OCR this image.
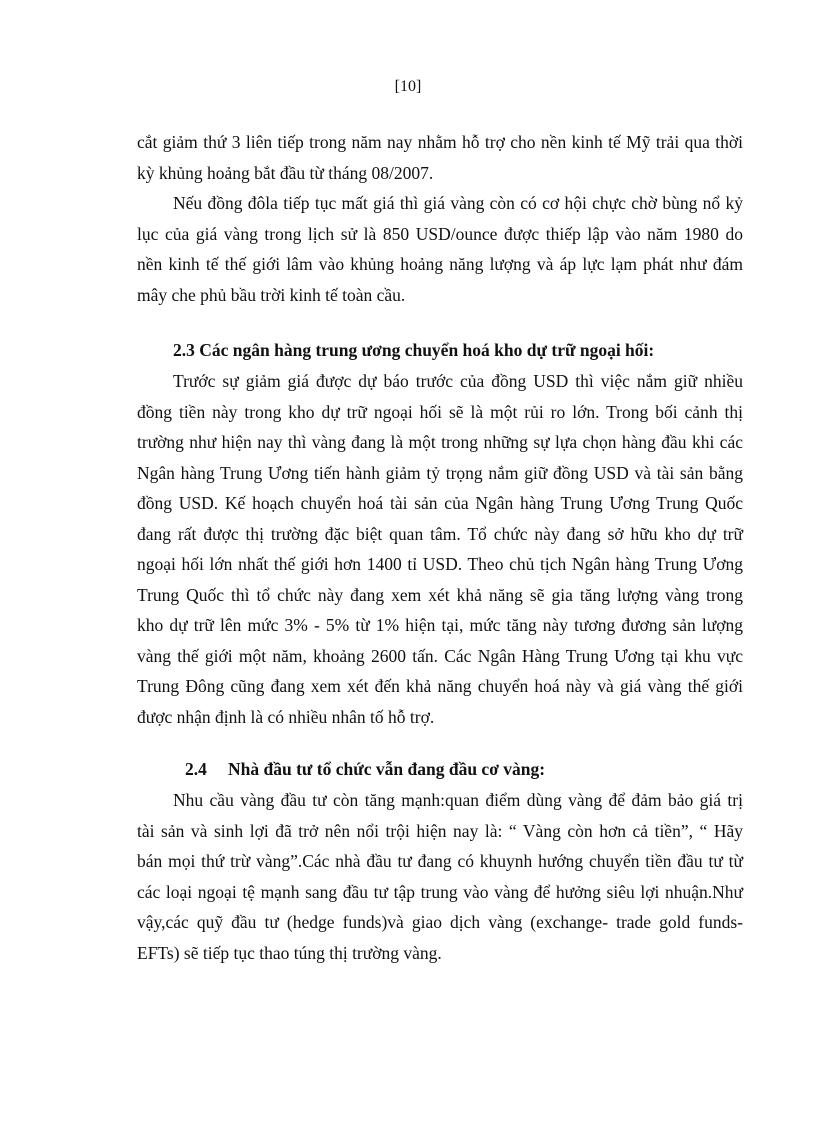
[10]
cắt giảm thứ 3 liên tiếp trong năm nay nhằm hỗ trợ cho nền kinh tế Mỹ trải qua thời
kỳ khủng hoảng bắt đầu từ tháng 08/2007.
Nếu đồng đôla tiếp tục mất giá thì giá vàng còn có cơ hội chực chờ bùng nổ kỷ
lục của giá vàng trong lịch sử là 850 USD/ounce được thiếp lập vào năm 1980 do
nền kinh tế thế giới lâm vào khủng hoảng năng lượng và áp lực lạm phát như đám
mây che phủ bầu trời kinh tế toàn cầu.
2.3 Các ngân hàng trung ương chuyển hoá kho dự trữ ngoại hối:
Trước sự giảm giá được dự báo trước của đồng USD thì việc nắm giữ nhiều
đồng tiền này trong kho dự trữ ngoại hối sẽ là một rủi ro lớn. Trong bối cảnh thị
trường như hiện nay thì vàng đang là một trong những sự lựa chọn hàng đầu khi các
Ngân hàng Trung Ương tiến hành giảm tỷ trọng nắm giữ đồng USD và tài sản bằng
đồng USD. Kế hoạch chuyển hoá tài sản của Ngân hàng Trung Ương Trung Quốc
đang rất được thị trường đặc biệt quan tâm. Tổ chức này đang sở hữu kho dự trữ
ngoại hối lớn nhất thế giới hơn 1400 tỉ USD. Theo chủ tịch Ngân hàng Trung Ương
Trung Quốc thì tổ chức này đang xem xét khả năng sẽ gia tăng lượng vàng trong
kho dự trữ lên mức 3% - 5% từ 1% hiện tại, mức tăng này tương đương sản lượng
vàng thế giới một năm, khoảng 2600 tấn. Các Ngân Hàng Trung Ương tại khu vực
Trung Đông cũng đang xem xét đến khả năng chuyển hoá này và giá vàng thế giới
được nhận định là có nhiều nhân tố hỗ trợ.
2.4 Nhà đầu tư tổ chức vẫn đang đầu cơ vàng:
Nhu cầu vàng đầu tư còn tăng mạnh:quan điểm dùng vàng để đảm bảo giá trị
tài sản và sinh lợi đã trở nên nổi trội hiện nay là: “ Vàng còn hơn cả tiền”, “ Hãy
bán mọi thứ trừ vàng”.Các nhà đầu tư đang có khuynh hướng chuyển tiền đầu tư từ
các loại ngoại tệ mạnh sang đầu tư tập trung vào vàng để hưởng siêu lợi nhuận.Như
vậy,các quỹ đầu tư (hedge funds)và giao dịch vàng (exchange- trade gold funds-
EFTs) sẽ tiếp tục thao túng thị trường vàng.
